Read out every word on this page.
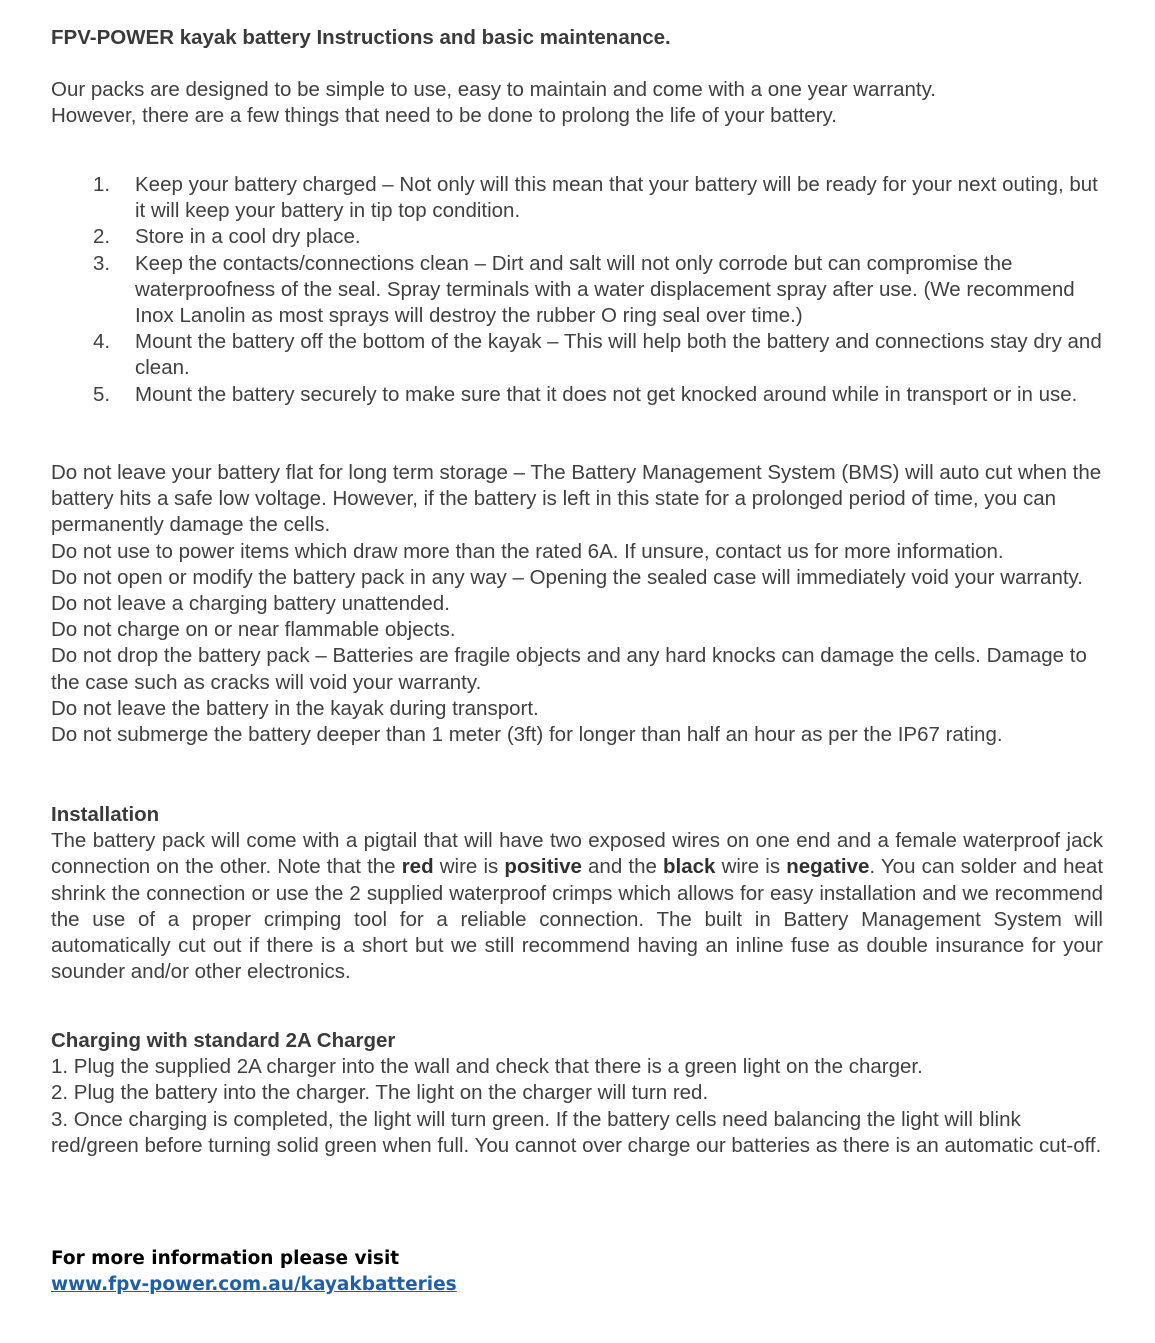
FPV-POWER kayak battery Instructions and basic maintenance.
Our packs are designed to be simple to use, easy to maintain and come with a one year warranty.
However, there are a few things that need to be done to prolong the life of your battery.
1. Keep your battery charged – Not only will this mean that your battery will be ready for your next outing, but it will keep your battery in tip top condition.
2. Store in a cool dry place.
3. Keep the contacts/connections clean – Dirt and salt will not only corrode but can compromise the waterproofness of the seal. Spray terminals with a water displacement spray after use. (We recommend Inox Lanolin as most sprays will destroy the rubber O ring seal over time.)
4. Mount the battery off the bottom of the kayak – This will help both the battery and connections stay dry and clean.
5. Mount the battery securely to make sure that it does not get knocked around while in transport or in use.
Do not leave your battery flat for long term storage – The Battery Management System (BMS) will auto cut when the battery hits a safe low voltage. However, if the battery is left in this state for a prolonged period of time, you can permanently damage the cells.
Do not use to power items which draw more than the rated 6A. If unsure, contact us for more information.
Do not open or modify the battery pack in any way – Opening the sealed case will immediately void your warranty.
Do not leave a charging battery unattended.
Do not charge on or near flammable objects.
Do not drop the battery pack – Batteries are fragile objects and any hard knocks can damage the cells. Damage to the case such as cracks will void your warranty.
Do not leave the battery in the kayak during transport.
Do not submerge the battery deeper than 1 meter (3ft) for longer than half an hour as per the IP67 rating.
Installation

The battery pack will come with a pigtail that will have two exposed wires on one end and a female waterproof jack connection on the other. Note that the red wire is positive and the black wire is negative. You can solder and heat shrink the connection or use the 2 supplied waterproof crimps which allows for easy installation and we recommend the use of a proper crimping tool for a reliable connection. The built in Battery Management System will automatically cut out if there is a short but we still recommend having an inline fuse as double insurance for your sounder and/or other electronics.

Charging with standard 2A Charger
1. Plug the supplied 2A charger into the wall and check that there is a green light on the charger.
2. Plug the battery into the charger. The light on the charger will turn red.
3. Once charging is completed, the light will turn green. If the battery cells need balancing the light will blink red/green before turning solid green when full. You cannot over charge our batteries as there is an automatic cut-off.
For more information please visit
www.fpv-power.com.au/kayakbatteries
